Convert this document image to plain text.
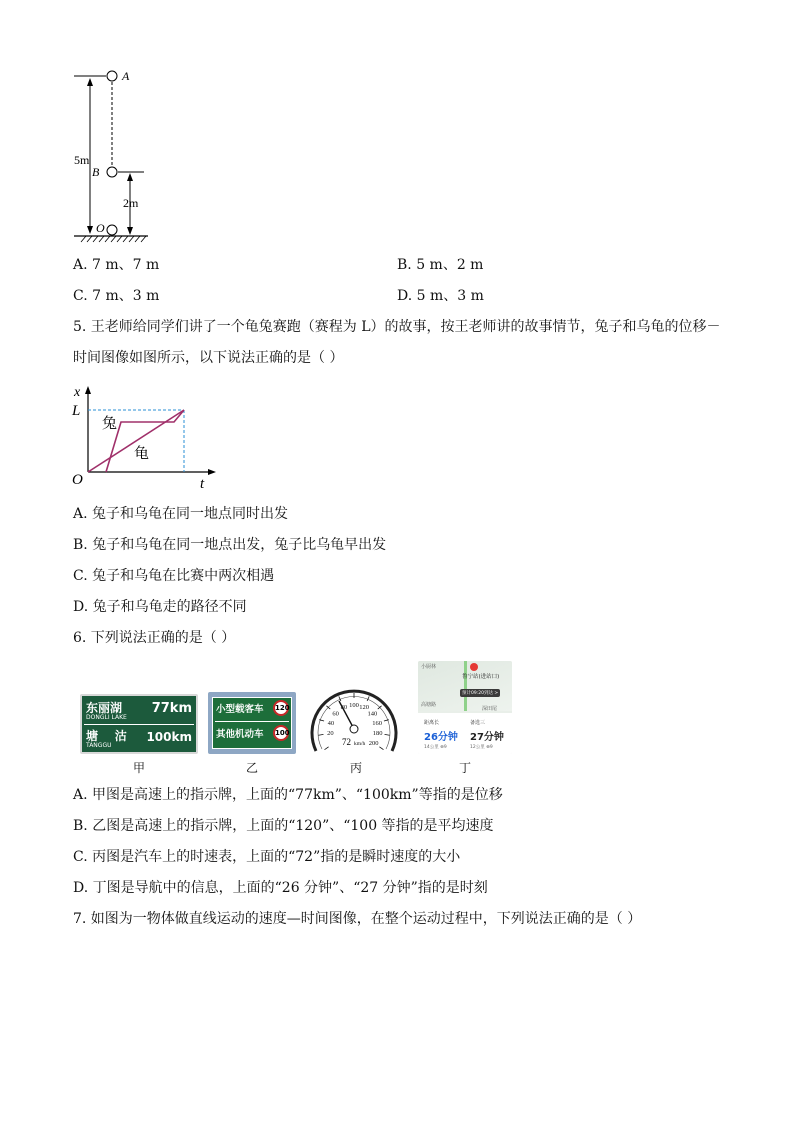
A
B
O
5m
2m
A. 7 m、7 m	B. 5 m、2 m
C. 7 m、3 m	D. 5 m、3 m
5. 王老师给同学们讲了一个龟兔赛跑（赛程为 L）的故事，按王老师讲的故事情节，兔子和乌龟的位移－
时间图像如图所示，以下说法正确的是（ ）
x
L
O	t
兔
龟
A. 兔子和乌龟在同一地点同时出发
B. 兔子和乌龟在同一地点出发，兔子比乌龟早出发
C. 兔子和乌龟在比赛中两次相遇
D. 兔子和乌龟走的路径不同
6. 下列说法正确的是（ ）
东丽湖
DONGLI LAKE
77km
塘    沽
TANGGU
100km
甲
小型载客车 120
其他机动车 100
乙
20
40
60
80 100 120
140
160
180
200
72 km/h
丙
小厨林
鲁宁站(进站口)
预计09:20到达 >
高塘路
深田尾
距离长
26分钟
14公里 ⊕9
备选三
27分钟
12公里 ⊕9
丁
A. 甲图是高速上的指示牌，上面的“77km”、“100km”等指的是位移
B. 乙图是高速上的指示牌，上面的“120”、“100 等指的是平均速度
C. 丙图是汽车上的时速表，上面的“72”指的是瞬时速度的大小
D. 丁图是导航中的信息，上面的“26 分钟”、“27 分钟”指的是时刻
7. 如图为一物体做直线运动的速度—时间图像，在整个运动过程中，下列说法正确的是（ ）
